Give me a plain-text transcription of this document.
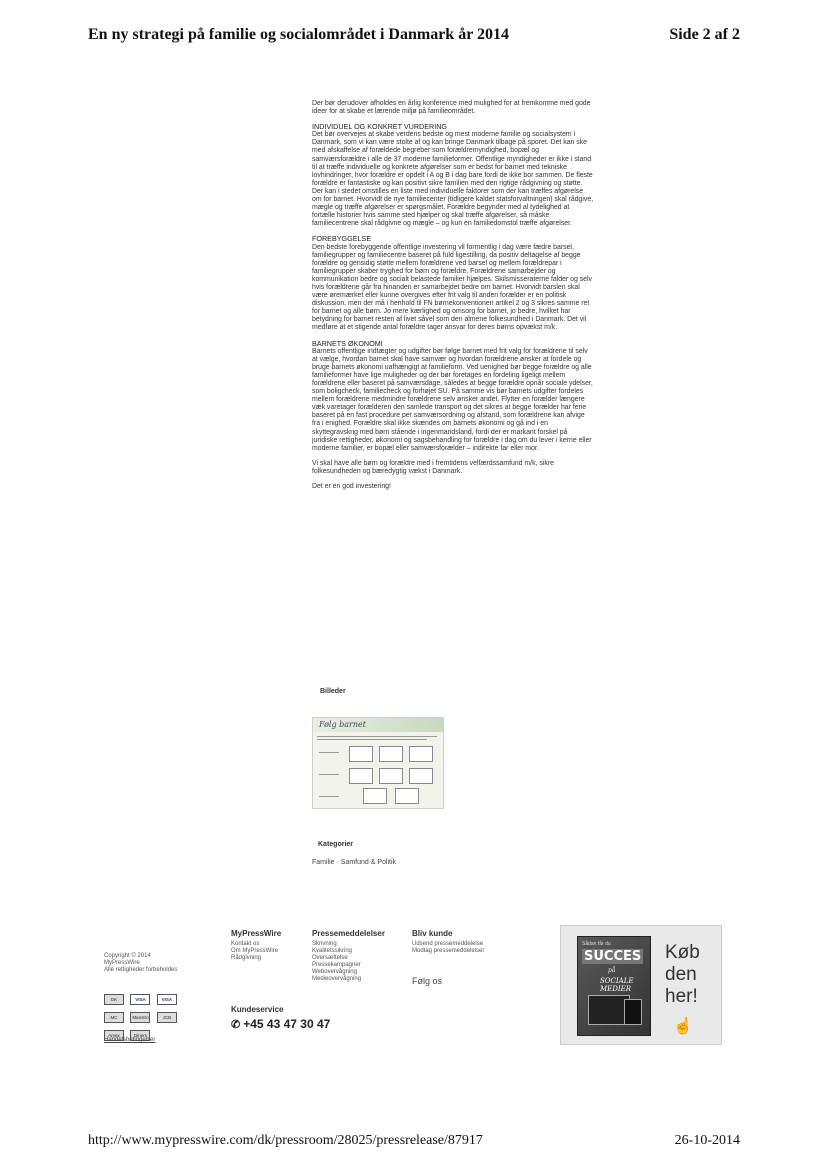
En ny strategi på familie og socialområdet i Danmark år 2014	Side 2 af 2

Der bør derudover afholdes en årlig konference med mulighed for at fremkomme med gode ideer for at skabe et lærende miljø på familieområdet.

INDIVIDUEL OG KONKRET VURDERING

Det bør overvejes at skabe verdens bedste og mest moderne familie og socialsystem i Danmark, som vi kan være stolte af og kan bringe Danmark tilbage på sporet. Det kan ske med afskaffelse af forældede begreber som forældremyndighed, bopæl og samværsforældre i alle de 37 moderne familieformer. Offentlige myndigheder er ikke i stand til at træffe individuelle og konkrete afgørelser som er bedst for barnet med tekniske lovhindringer, hvor forældre er opdelt i A og B i dag bare fordi de ikke bor sammen. De fleste forældre er fantastiske og kan positivt sikre familien med den rigtige rådgivning og støtte. Der kan i stedet omstilles en liste med individuelle faktorer som der kan træffes afgørelse om for barnet. Hvorvidt de nye familiecenter (tidligere kaldet statsforvaltningen) skal rådgive, mægle og træffe afgørelser er spørgsmålet. Forældre begynder med al tydelighed at fortælle historier hvis samme sted hjælper og skal træffe afgørelser, så måske familiecentrene skal rådgivne og mægle – og kun en familiedomstol træffe afgørelser.

FOREBYGGELSE

Den bedste forebyggende offentlige investering vil formentlig i dag være fædre barsel, familiegrupper og familiecentre baseret på fuld ligestilling, da positiv deltagelse af begge forældre og gensidig støtte mellem forældrene ved barsel og mellem forældrepar i familiegrupper skaber tryghed for børn og forældre. Forældrene samarbejder og kommunikation bedre og socialt belastede familier hjælpes. Skilsmisseraterne falder og selv hvis forældrene går fra hinanden er samarbejdet bedre om barnet. Hvorvidt barslen skal være øremærket eller kunne overgives efter frit valg til anden forælder er en politisk diskussion, men der må i henhold til FN børnekonventionen artikel 2 og 3 sikres samme ret for barnet og alle børn. Jo mere kærlighed og omsorg for barnet, jo bedre, hvilket har betydning for barnet resten af livet såvel som den almene folkesundhed i Danmark. Det vil medføre at et stigende antal forældre tager ansvar for deres børns opvækst m/k.

BARNETS ØKONOMI

Barnets offentlige indtægter og udgifter bør følge barnet med frit valg for forældrene til selv at vælge, hvordan barnet skal have samvær og hvordan forældrene ønsker at fordele og bruge barnets økonomi uafhængigt at familieform. Ved uenighed bør begge forældre og alle familieformer have lige muligheder og der bør foretages en fordeling ligeligt mellem forældrene eller baseret på samværsdage, således at begge forældre opnår sociale ydelser, som boligcheck, familiecheck og forhøjet SU. På samme vis bør barnets udgifter fordeles mellem forældrene medmindre forældrene selv ønsker andet. Flytter en forælder længere væk varetager forælderen den samlede transport og det sikres at begge forælder har ferie baseret på en fast procedure per samværsordning og afstand, som forældrene kan afvige fra i enighed. Forældre skal ikke skændes om barnets økonomi og gå ind i en skyttegravskrig med børn stående i ingenmandsland, fordi der er markant forskel på juridiske rettigheder, økonomi og sagsbehandling for forældre i dag om du lever i kerne eller moderne familier, er bopæl eller samværsforælder – indirekte far eller mor.

Vi skal have alle børn og forældre med i fremtidens velfærdssamfund m/k, sikre folkesundheden og bæredygtig vækst i Danmark.

Det er en god investering!

Billeder
Følg barnet
Kategorier
Familie · Samfund & Politik ·
Copyright © 2014
MyPressWire
Alle rettigheder forbeholdes
DK	VISA	VISA MC	Maestro	JCB Amex	Diners
Handelsbetingelser
MyPressWire
Kontakt os
Om MyPressWire
Rådgivning
Pressemeddelelser
Skrivning
Kvalitetssikring
Oversættelse
Pressekampagner
Webovervågning
Medieovervågning
Bliv kunde
Udsend pressemeddelelse
Modtag pressemeddelelser
Følg os
Kundeservice
✆ +45 43 47 30 47
Sådan får du
SUCCES
på
SOCIALE MEDIER
Køb
den
her!
☝
http://www.mypresswire.com/dk/pressroom/28025/pressrelease/87917	26-10-2014
